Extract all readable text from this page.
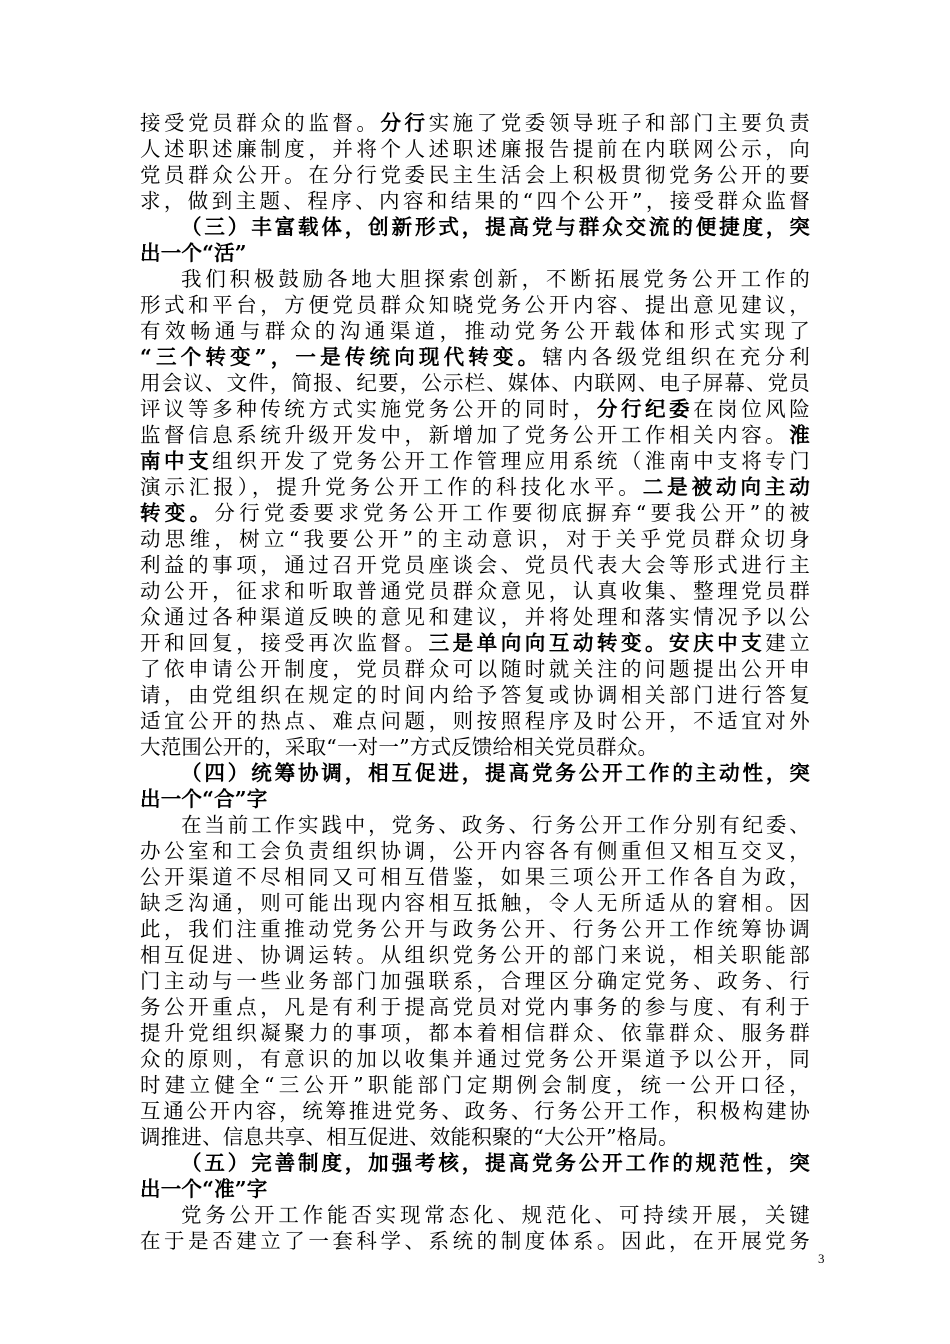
接受党员群众的监督。分行实施了党委领导班子和部门主要负责
人述职述廉制度，并将个人述职述廉报告提前在内联网公示，向
党员群众公开。在分行党委民主生活会上积极贯彻党务公开的要
求，做到主题、程序、内容和结果的“四个公开”，接受群众监督
（三）丰富载体，创新形式，提高党与群众交流的便捷度，突
出一个“活”
我们积极鼓励各地大胆探索创新，不断拓展党务公开工作的
形式和平台，方便党员群众知晓党务公开内容、提出意见建议，
有效畅通与群众的沟通渠道，推动党务公开载体和形式实现了
“三个转变”，一是传统向现代转变。辖内各级党组织在充分利
用会议、文件，简报、纪要，公示栏、媒体、内联网、电子屏幕、党员
评议等多种传统方式实施党务公开的同时，分行纪委在岗位风险
监督信息系统升级开发中，新增加了党务公开工作相关内容。淮
南中支组织开发了党务公开工作管理应用系统（淮南中支将专门
演示汇报），提升党务公开工作的科技化水平。二是被动向主动
转变。分行党委要求党务公开工作要彻底摒弃“要我公开”的被
动思维，树立“我要公开”的主动意识，对于关乎党员群众切身
利益的事项，通过召开党员座谈会、党员代表大会等形式进行主
动公开，征求和听取普通党员群众意见，认真收集、整理党员群
众通过各种渠道反映的意见和建议，并将处理和落实情况予以公
开和回复，接受再次监督。三是单向向互动转变。安庆中支建立
了依申请公开制度，党员群众可以随时就关注的问题提出公开申
请，由党组织在规定的时间内给予答复或协调相关部门进行答复
适宜公开的热点、难点问题，则按照程序及时公开，不适宜对外
大范围公开的，采取“一对一”方式反馈给相关党员群众。
（四）统筹协调，相互促进，提高党务公开工作的主动性，突
出一个“合”字
在当前工作实践中，党务、政务、行务公开工作分别有纪委、
办公室和工会负责组织协调，公开内容各有侧重但又相互交叉，
公开渠道不尽相同又可相互借鉴，如果三项公开工作各自为政，
缺乏沟通，则可能出现内容相互抵触，令人无所适从的窘相。因
此，我们注重推动党务公开与政务公开、行务公开工作统筹协调
相互促进、协调运转。从组织党务公开的部门来说，相关职能部
门主动与一些业务部门加强联系，合理区分确定党务、政务、行
务公开重点，凡是有利于提高党员对党内事务的参与度、有利于
提升党组织凝聚力的事项，都本着相信群众、依靠群众、服务群
众的原则，有意识的加以收集并通过党务公开渠道予以公开，同
时建立健全“三公开”职能部门定期例会制度，统一公开口径，
互通公开内容，统筹推进党务、政务、行务公开工作，积极构建协
调推进、信息共享、相互促进、效能积聚的“大公开”格局。
（五）完善制度，加强考核，提高党务公开工作的规范性，突
出一个“准”字
党务公开工作能否实现常态化、规范化、可持续开展，关键
在于是否建立了一套科学、系统的制度体系。因此，在开展党务
3
